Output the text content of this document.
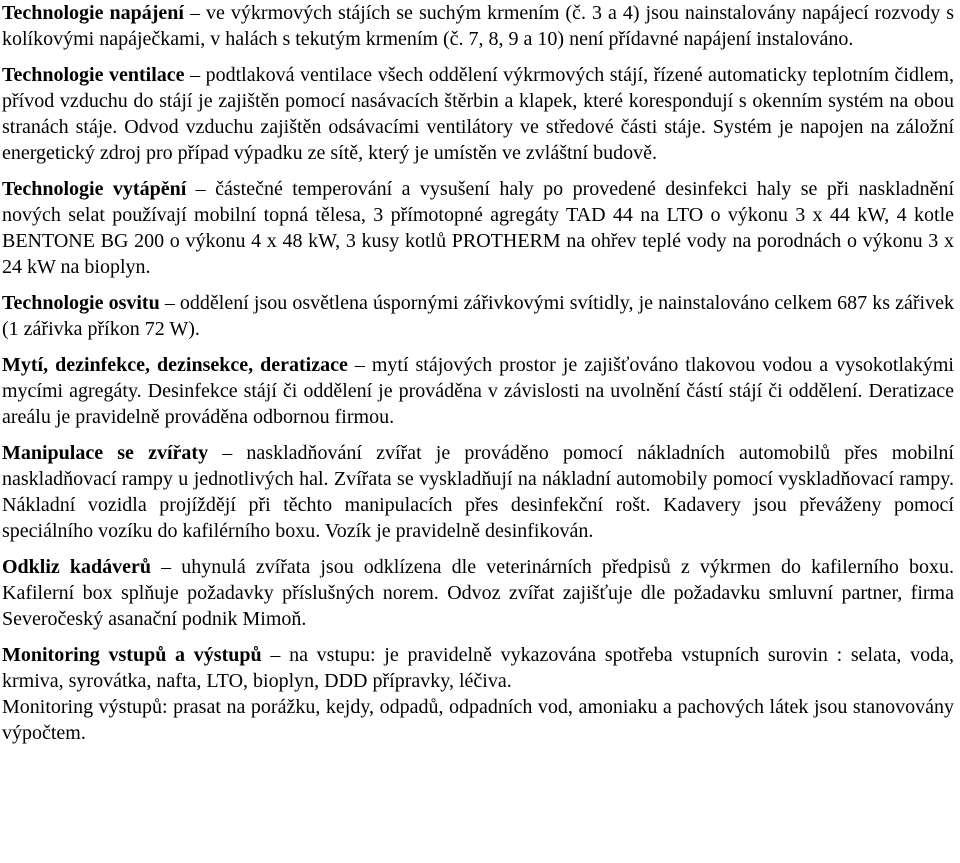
Technologie napájení – ve výkrmových stájích se suchým krmením (č. 3 a 4) jsou nainstalovány napájecí rozvody s kolíkovými napáječkami, v halách s tekutým krmením (č. 7, 8, 9 a 10) není přídavné napájení instalováno.

Technologie ventilace – podtlaková ventilace všech oddělení výkrmových stájí, řízené automaticky teplotním čidlem, přívod vzduchu do stájí je zajištěn pomocí nasávacích štěrbin a klapek, které korespondují s okenním systém na obou stranách stáje. Odvod vzduchu zajištěn odsávacími ventilátory ve středové části stáje. Systém je napojen na záložní energetický zdroj pro případ výpadku ze sítě, který je umístěn ve zvláštní budově.

Technologie vytápění – částečné temperování a vysušení haly po provedené desinfekci haly se při naskladnění nových selat používají mobilní topná tělesa, 3 přímotopné agregáty TAD 44 na LTO o výkonu 3 x 44 kW, 4 kotle BENTONE BG 200 o výkonu 4 x 48 kW, 3 kusy kotlů PROTHERM na ohřev teplé vody na porodnách o výkonu 3 x 24 kW na bioplyn.

Technologie osvitu – oddělení jsou osvětlena úspornými zářivkovými svítidly, je nainstalováno celkem 687 ks zářivek (1 zářivka příkon 72 W).

Mytí, dezinfekce, dezinsekce, deratizace – mytí stájových prostor je zajišťováno tlakovou vodou a vysokotlakými mycími agregáty. Desinfekce stájí či oddělení je prováděna v závislosti na uvolnění částí stájí či oddělení. Deratizace areálu je pravidelně prováděna odbornou firmou.

Manipulace se zvířaty – naskladňování zvířat je prováděno pomocí nákladních automobilů přes mobilní naskladňovací rampy u jednotlivých hal. Zvířata se vyskladňují na nákladní automobily pomocí vyskladňovací rampy. Nákladní vozidla projíždějí při těchto manipulacích přes desinfekční rošt. Kadavery jsou převáženy pomocí speciálního vozíku do kafilérního boxu. Vozík je pravidelně desinfikován.

Odkliz kadáverů – uhynulá zvířata jsou odklízena dle veterinárních předpisů z výkrmen do kafilerního boxu. Kafilerní box splňuje požadavky příslušných norem. Odvoz zvířat zajišťuje dle požadavku smluvní partner, firma Severočeský asanační podnik Mimoň.

Monitoring vstupů a výstupů – na vstupu: je pravidelně vykazována spotřeba vstupních surovin : selata, voda, krmiva, syrovátka, nafta, LTO, bioplyn, DDD přípravky, léčiva.

Monitoring výstupů: prasat na porážku, kejdy, odpadů, odpadních vod, amoniaku a pachových látek jsou stanovovány výpočtem.
